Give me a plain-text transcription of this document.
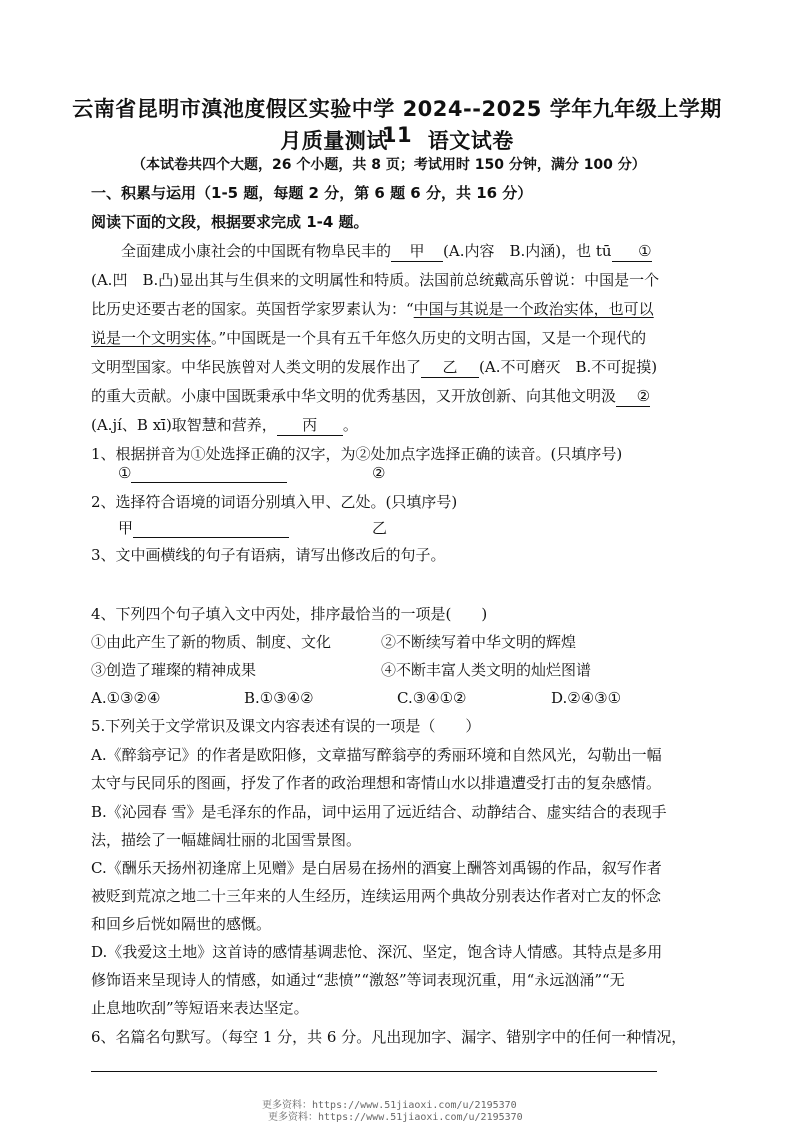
云南省昆明市滇池度假区实验中学 2024--2025 学年九年级上学期 11
月质量测试 语文试卷
（本试卷共四个大题，26 个小题，共 8 页；考试用时 150 分钟，满分 100 分）
一、积累与运用（1-5 题，每题 2 分，第 6 题 6 分，共 16 分）
阅读下面的文段，根据要求完成 1-4 题。
全面建成小康社会的中国既有物阜民丰的 甲 (A.内容　B.内涵)，也 tū ①
(A.凹　B.凸)显出其与生俱来的文明属性和特质。法国前总统戴高乐曾说：中国是一个
比历史还要古老的国家。英国哲学家罗素认为：“中国与其说是一个政治实体，也可以
说是一个文明实体。”中国既是一个具有五千年悠久历史的文明古国，又是一个现代的
文明型国家。中华民族曾对人类文明的发展作出了 乙 (A.不可磨灭　B.不可捉摸)
的重大贡献。小康中国既秉承中华文明的优秀基因，又开放创新、向其他文明汲 ②
(A.jí、B xī)取智慧和营养， 丙 。
1、根据拼音为①处选择正确的汉字，为②处加点字选择正确的读音。(只填序号)
①	②
2、选择符合语境的词语分别填入甲、乙处。(只填序号)
甲	乙
3、文中画横线的句子有语病，请写出修改后的句子。
4、下列四个句子填入文中丙处，排序最恰当的一项是(　　)
①由此产生了新的物质、制度、文化	②不断续写着中华文明的辉煌
③创造了璀璨的精神成果	④不断丰富人类文明的灿烂图谱
A.①③②④	B.①③④②	C.③④①②	D.②④③①
5.下列关于文学常识及课文内容表述有误的一项是（　　）
A.《醉翁亭记》的作者是欧阳修，文章描写醉翁亭的秀丽环境和自然风光，勾勒出一幅
太守与民同乐的图画，抒发了作者的政治理想和寄情山水以排遣遭受打击的复杂感情。
B.《沁园春 雪》是毛泽东的作品，词中运用了远近结合、动静结合、虚实结合的表现手
法，描绘了一幅雄阔壮丽的北国雪景图。
C.《酬乐天扬州初逢席上见赠》是白居易在扬州的酒宴上酬答刘禹锡的作品，叙写作者
被贬到荒凉之地二十三年来的人生经历，连续运用两个典故分别表达作者对亡友的怀念
和回乡后恍如隔世的感慨。
D.《我爱这土地》这首诗的感情基调悲怆、深沉、坚定，饱含诗人情感。其特点是多用
修饰语来呈现诗人的情感，如通过“悲愤”“激怒”等词表现沉重，用“永远汹涌”“无
止息地吹刮”等短语来表达坚定。
6、名篇名句默写。（每空 1 分，共 6 分。凡出现加字、漏字、错别字中的任何一种情况，
更多资料：https://www.51jiaoxi.com/u/2195370
更多资料：https://www.51jiaoxi.com/u/2195370
